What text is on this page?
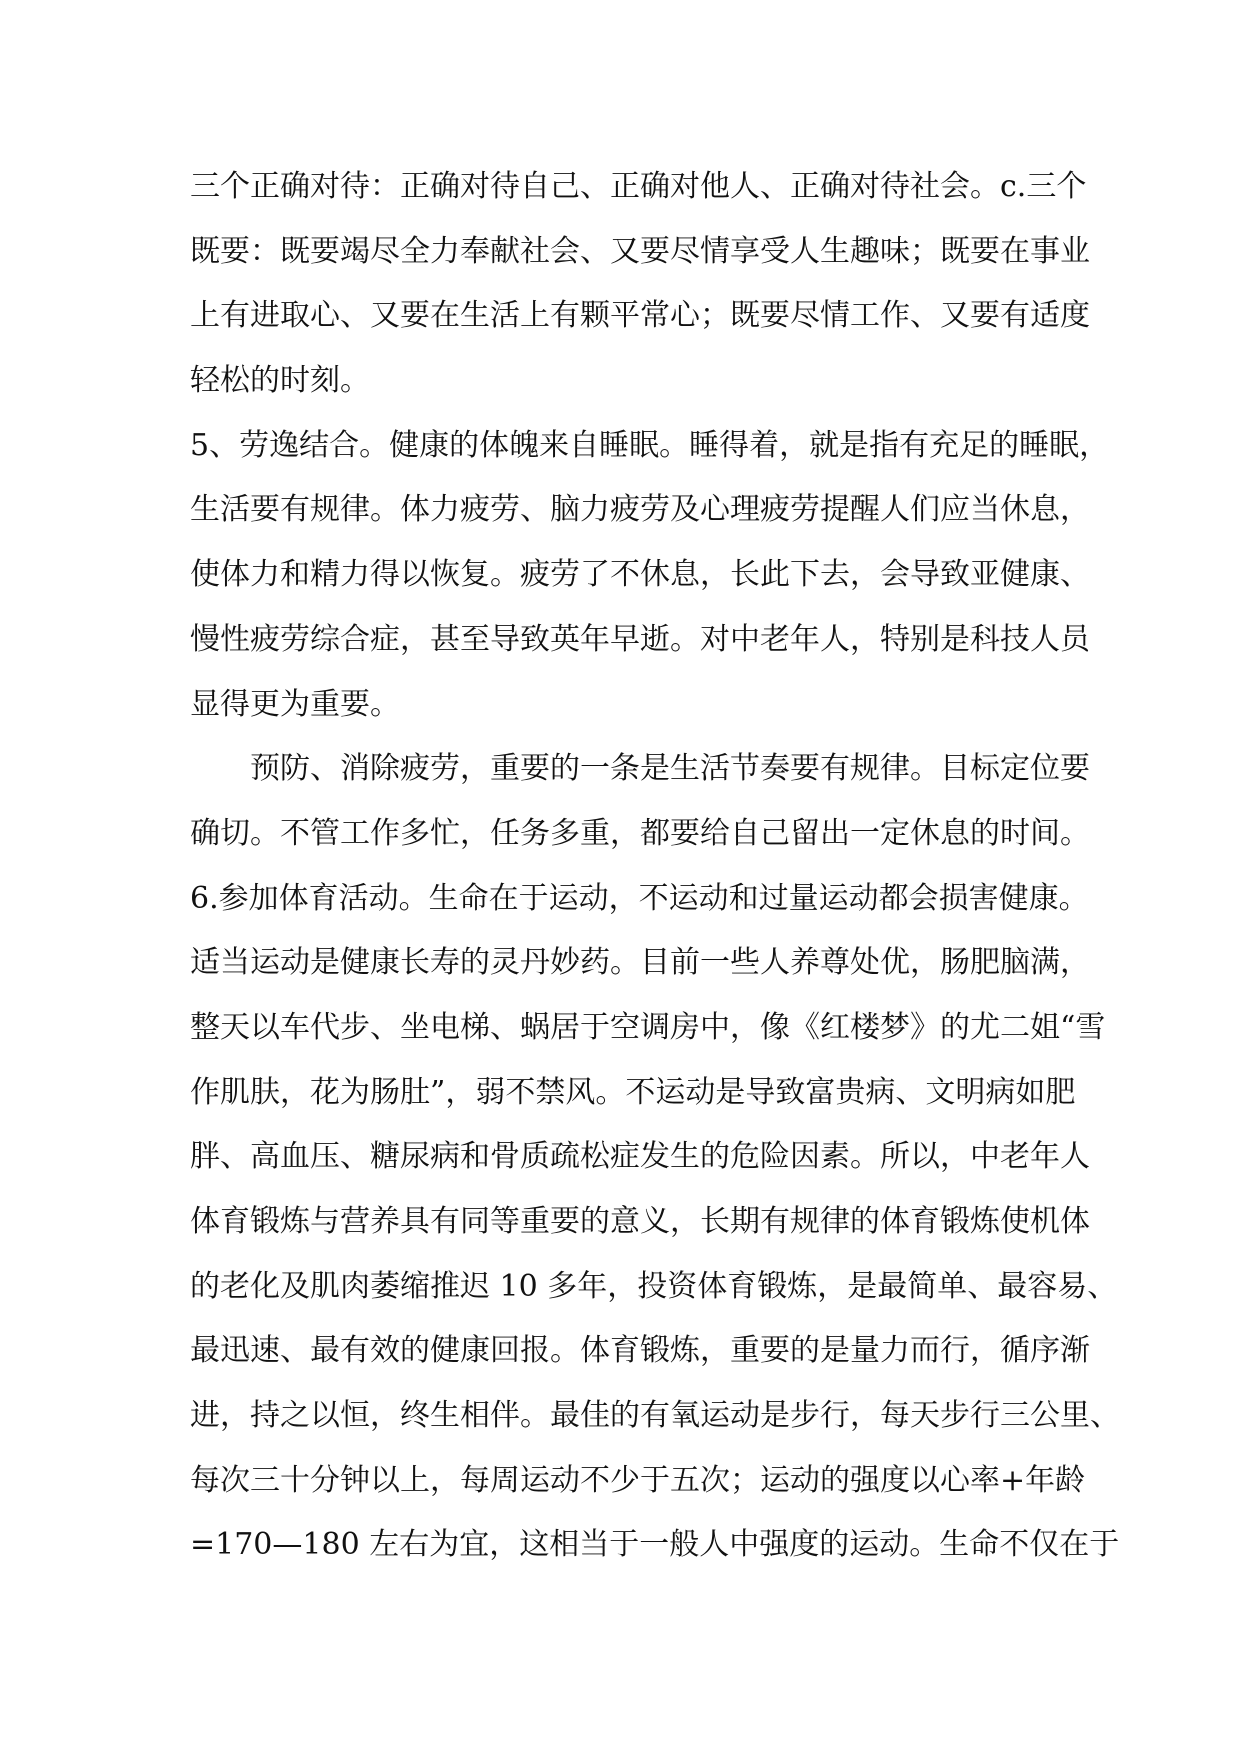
三个正确对待：正确对待自己、正确对他人、正确对待社会。c.三个
既要：既要竭尽全力奉献社会、又要尽情享受人生趣味；既要在事业
上有进取心、又要在生活上有颗平常心；既要尽情工作、又要有适度
轻松的时刻。
5、劳逸结合。健康的体魄来自睡眠。睡得着，就是指有充足的睡眠，
生活要有规律。体力疲劳、脑力疲劳及心理疲劳提醒人们应当休息，
使体力和精力得以恢复。疲劳了不休息，长此下去，会导致亚健康、
慢性疲劳综合症，甚至导致英年早逝。对中老年人，特别是科技人员
显得更为重要。
预防、消除疲劳，重要的一条是生活节奏要有规律。目标定位要
确切。不管工作多忙，任务多重，都要给自己留出一定休息的时间。
6.参加体育活动。生命在于运动，不运动和过量运动都会损害健康。
适当运动是健康长寿的灵丹妙药。目前一些人养尊处优，肠肥脑满，
整天以车代步、坐电梯、蜗居于空调房中，像《红楼梦》的尤二姐“雪
作肌肤，花为肠肚”，弱不禁风。不运动是导致富贵病、文明病如肥
胖、高血压、糖尿病和骨质疏松症发生的危险因素。所以，中老年人
体育锻炼与营养具有同等重要的意义，长期有规律的体育锻炼使机体
的老化及肌肉萎缩推迟 10 多年，投资体育锻炼，是最简单、最容易、
最迅速、最有效的健康回报。体育锻炼，重要的是量力而行，循序渐
进，持之以恒，终生相伴。最佳的有氧运动是步行，每天步行三公里、
每次三十分钟以上，每周运动不少于五次；运动的强度以心率+年龄
=170—180 左右为宜，这相当于一般人中强度的运动。生命不仅在于
